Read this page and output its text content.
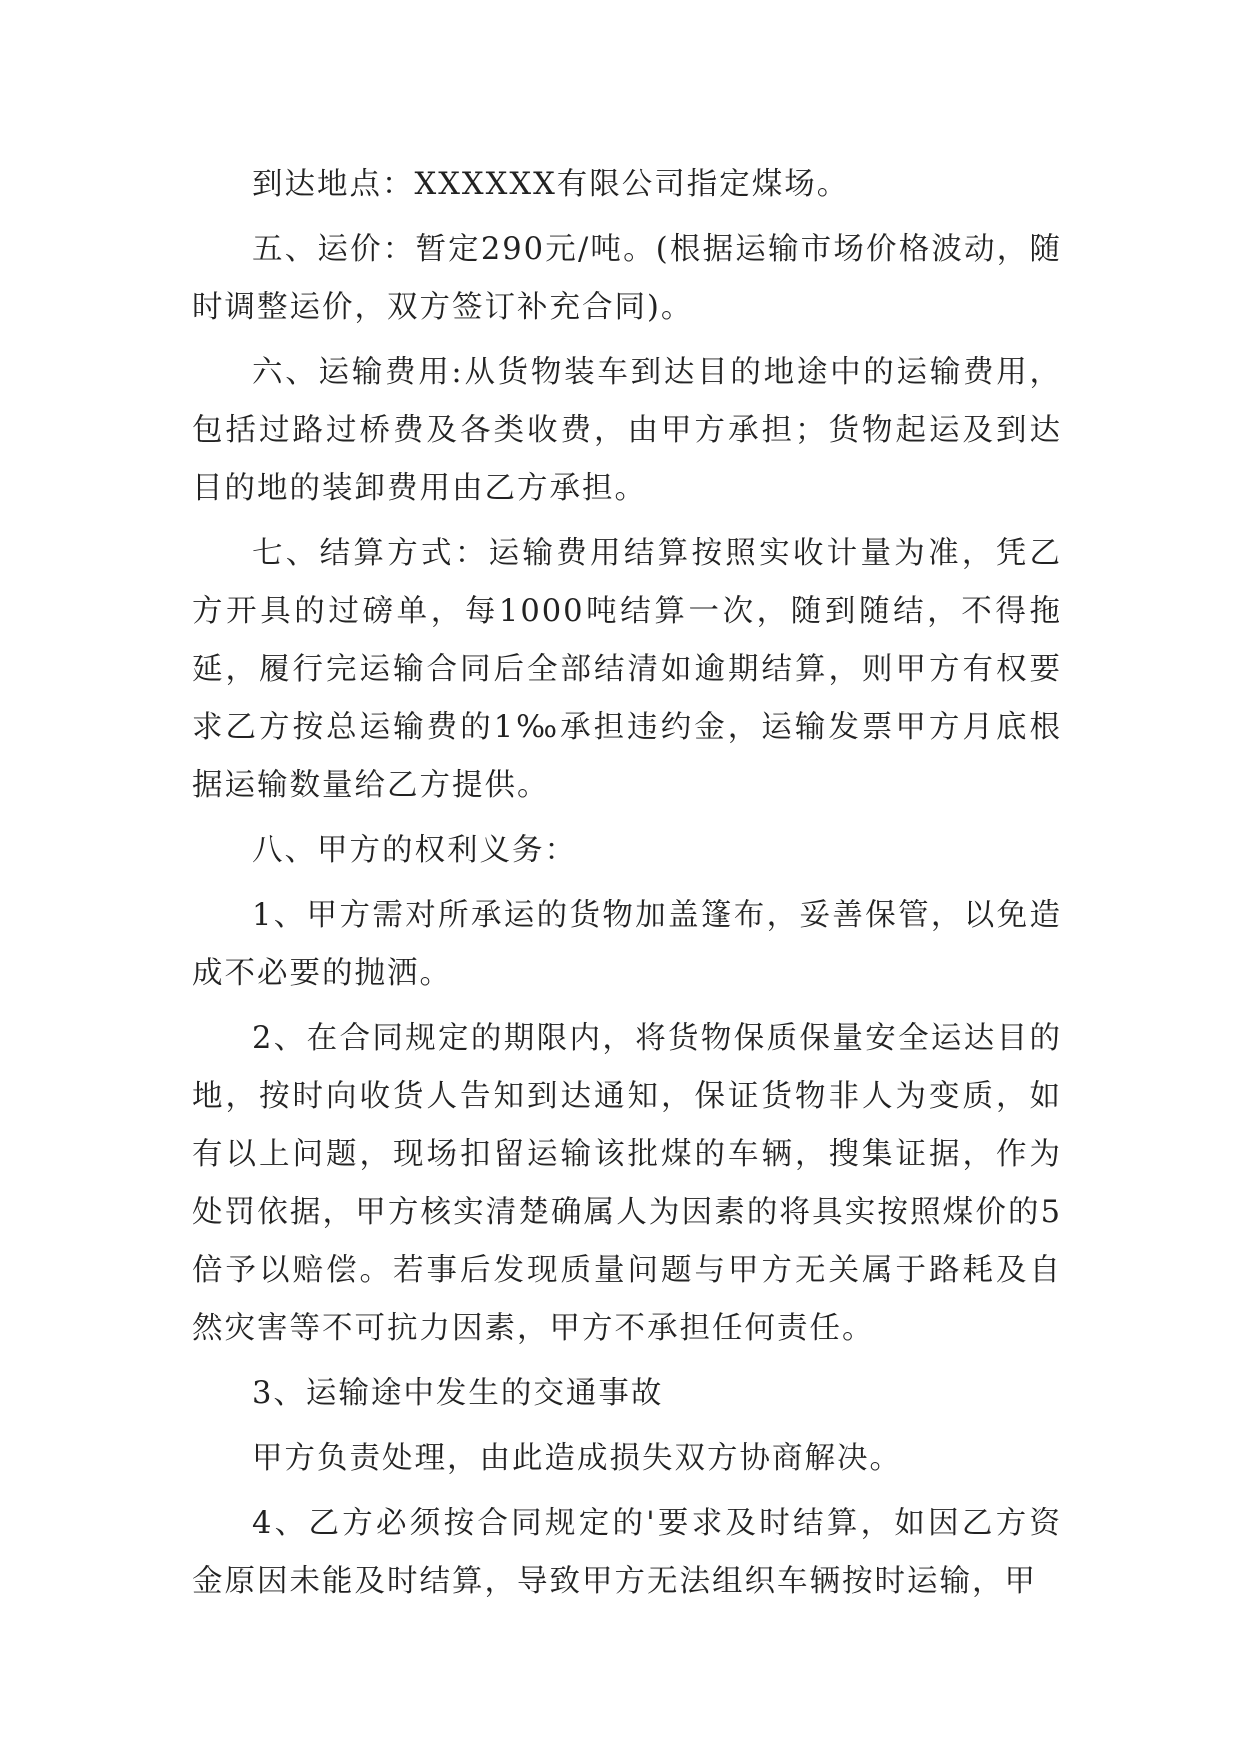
到达地点：XXXXXX有限公司指定煤场。

五、运价：暂定290元/吨。(根据运输市场价格波动，随时调整运价，双方签订补充合同)。

六、运输费用:从货物装车到达目的地途中的运输费用，包括过路过桥费及各类收费，由甲方承担；货物起运及到达目的地的装卸费用由乙方承担。

七、结算方式：运输费用结算按照实收计量为准，凭乙方开具的过磅单，每1000吨结算一次，随到随结，不得拖延，履行完运输合同后全部结清如逾期结算，则甲方有权要求乙方按总运输费的1‰承担违约金，运输发票甲方月底根据运输数量给乙方提供。

八、甲方的权利义务：

1、甲方需对所承运的货物加盖篷布，妥善保管，以免造成不必要的抛洒。

2、在合同规定的期限内，将货物保质保量安全运达目的地，按时向收货人告知到达通知，保证货物非人为变质，如有以上问题，现场扣留运输该批煤的车辆，搜集证据，作为处罚依据，甲方核实清楚确属人为因素的将具实按照煤价的5倍予以赔偿。若事后发现质量问题与甲方无关属于路耗及自然灾害等不可抗力因素，甲方不承担任何责任。

3、运输途中发生的交通事故

甲方负责处理，由此造成损失双方协商解决。

4、乙方必须按合同规定的'要求及时结算，如因乙方资金原因未能及时结算，导致甲方无法组织车辆按时运输，甲
